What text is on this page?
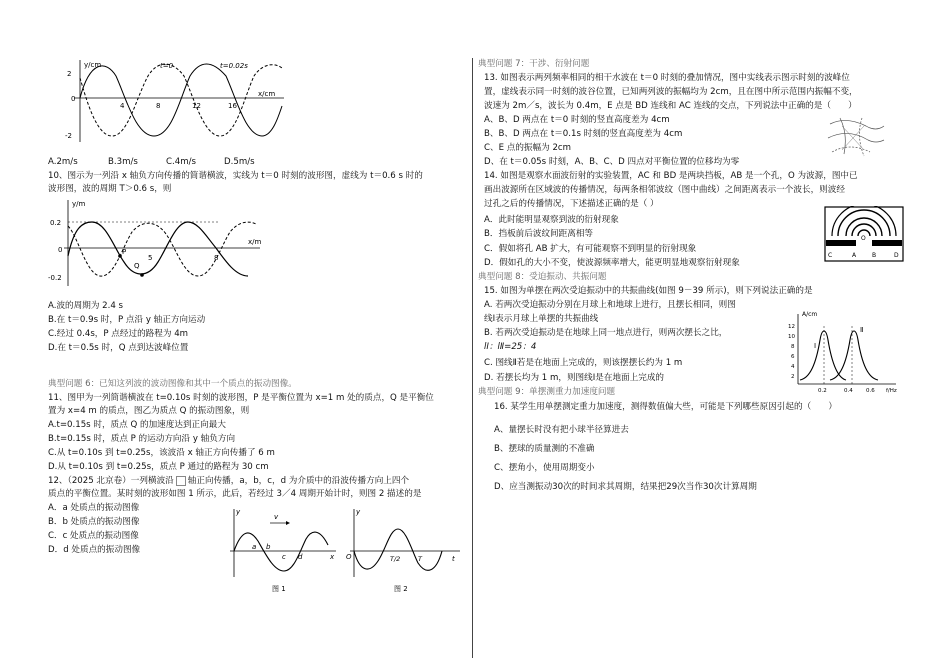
y/cm
2
0
-2
4	8	12	16
x/cm
t=0	t=0.02s
A.2m/s	B.3m/s	C.4m/s	D.5m/s
10、图示为一列沿 x 轴负方向传播的简谐横波，实线为 t＝0 时刻的波形图，虚线为 t＝0.6 s 时的
波形图，波的周期 T＞0.6 s，则
y/m
0.2
0
-0.2
P
Q
5	8
x/m
A.波的周期为 2.4 s
B.在 t＝0.9s 时，P 点沿 y 轴正方向运动
C.经过 0.4s，P 点经过的路程为 4m
D.在 t＝0.5s 时，Q 点到达波峰位置
典型问题 6：已知这列波的波动图像和其中一个质点的振动图像。
11、图甲为一列简谐横波在 t=0.10s 时刻的波形图，P 是平衡位置为 x=1 m 处的质点，Q 是平衡位
置为 x=4 m 的质点，图乙为质点 Q 的振动图象，则
A.t=0.15s 时，质点 Q 的加速度达到正向最大
B.t=0.15s 时，质点 P 的运动方向沿 y 轴负方向
C.从 t=0.10s 到 t=0.25s，该波沿 x 轴正方向传播了 6 m
D.从 t=0.10s 到 t=0.25s，质点 P 通过的路程为 30 cm
12、（2025 北京卷）一列横波沿 轴正向传播，a，b，c，d 为介质中的沿波传播方向上四个
质点的平衡位置。某时刻的波形如图 1 所示，此后，若经过 3／4 周期开始计时，则图 2 描述的是
A．a 处质点的振动图像
B．b 处质点的振动图像
C．c 处质点的振动图像
D．d 处质点的振动图像
y
v
a b
c d	x
图 1
y
O	T/2	T	t
图 2
典型问题 7：干涉、衍射问题
13. 如图表示两列频率相同的相干水波在 t＝0 时刻的叠加情况，图中实线表示图示时刻的波峰位
置，虚线表示同一时刻的波谷位置，已知两列波的振幅均为 2cm，且在图中所示范围内振幅不变，
波速为 2m／s，波长为 0.4m，E 点是 BD 连线和 AC 连线的交点，下列说法中正确的是（　　）
A、B、D 两点在 t＝0 时刻的竖直高度差为 4cm
B、B、D 两点在 t＝0.1s 时刻的竖直高度差为 4cm
C、E 点的振幅为 2cm
D、在 t＝0.05s 时刻，A、B、C、D 四点对平衡位置的位移均为零
14. 如图是观察水面波衍射的实验装置，AC 和 BD 是两块挡板，AB 是一个孔，O 为波源，图中已
画出波源所在区域波的传播情况，每两条相邻波纹（图中曲线）之间距离表示一个波长，则波经
过孔之后的传播情况，下述描述正确的是（ ）
A．此时能明显观察到波的衍射现象
B．挡板前后波纹间距离相等
C．假如将孔 AB 扩大，有可能观察不到明显的衍射现象
D．假如孔的大小不变，使波源频率增大，能更明显地观察衍射现象
O
C	A	B	D
典型问题 8：受迫振动、共振问题
15. 如图为单摆在两次受迫振动中的共振曲线(如图 9－39 所示)，则下列说法正确的是
A. 若两次受迫振动分别在月球上和地球上进行，且摆长相同，则图
线Ⅰ表示月球上单摆的共振曲线
B. 若两次受迫振动是在地球上同一地点进行，则两次摆长之比，
lⅠ：lⅡ=25：4
C. 图线Ⅱ若是在地面上完成的，则该摆摆长约为 1 m
D. 若摆长均为 1 m，则图线Ⅰ是在地面上完成的
A/cm
12
10
8
6
4
2
0.2	0.4 0.6 f/Hz
Ⅰ
Ⅱ
典型问题 9：单摆测重力加速度问题
16. 某学生用单摆测定重力加速度，测得数值偏大些，可能是下列哪些原因引起的（　　）
A、量摆长时没有把小球半径算进去
B、摆球的质量测的不准确
C、摆角小，使用周期变小
D、应当测振动30次的时间求其周期，结果把29次当作30次计算周期
